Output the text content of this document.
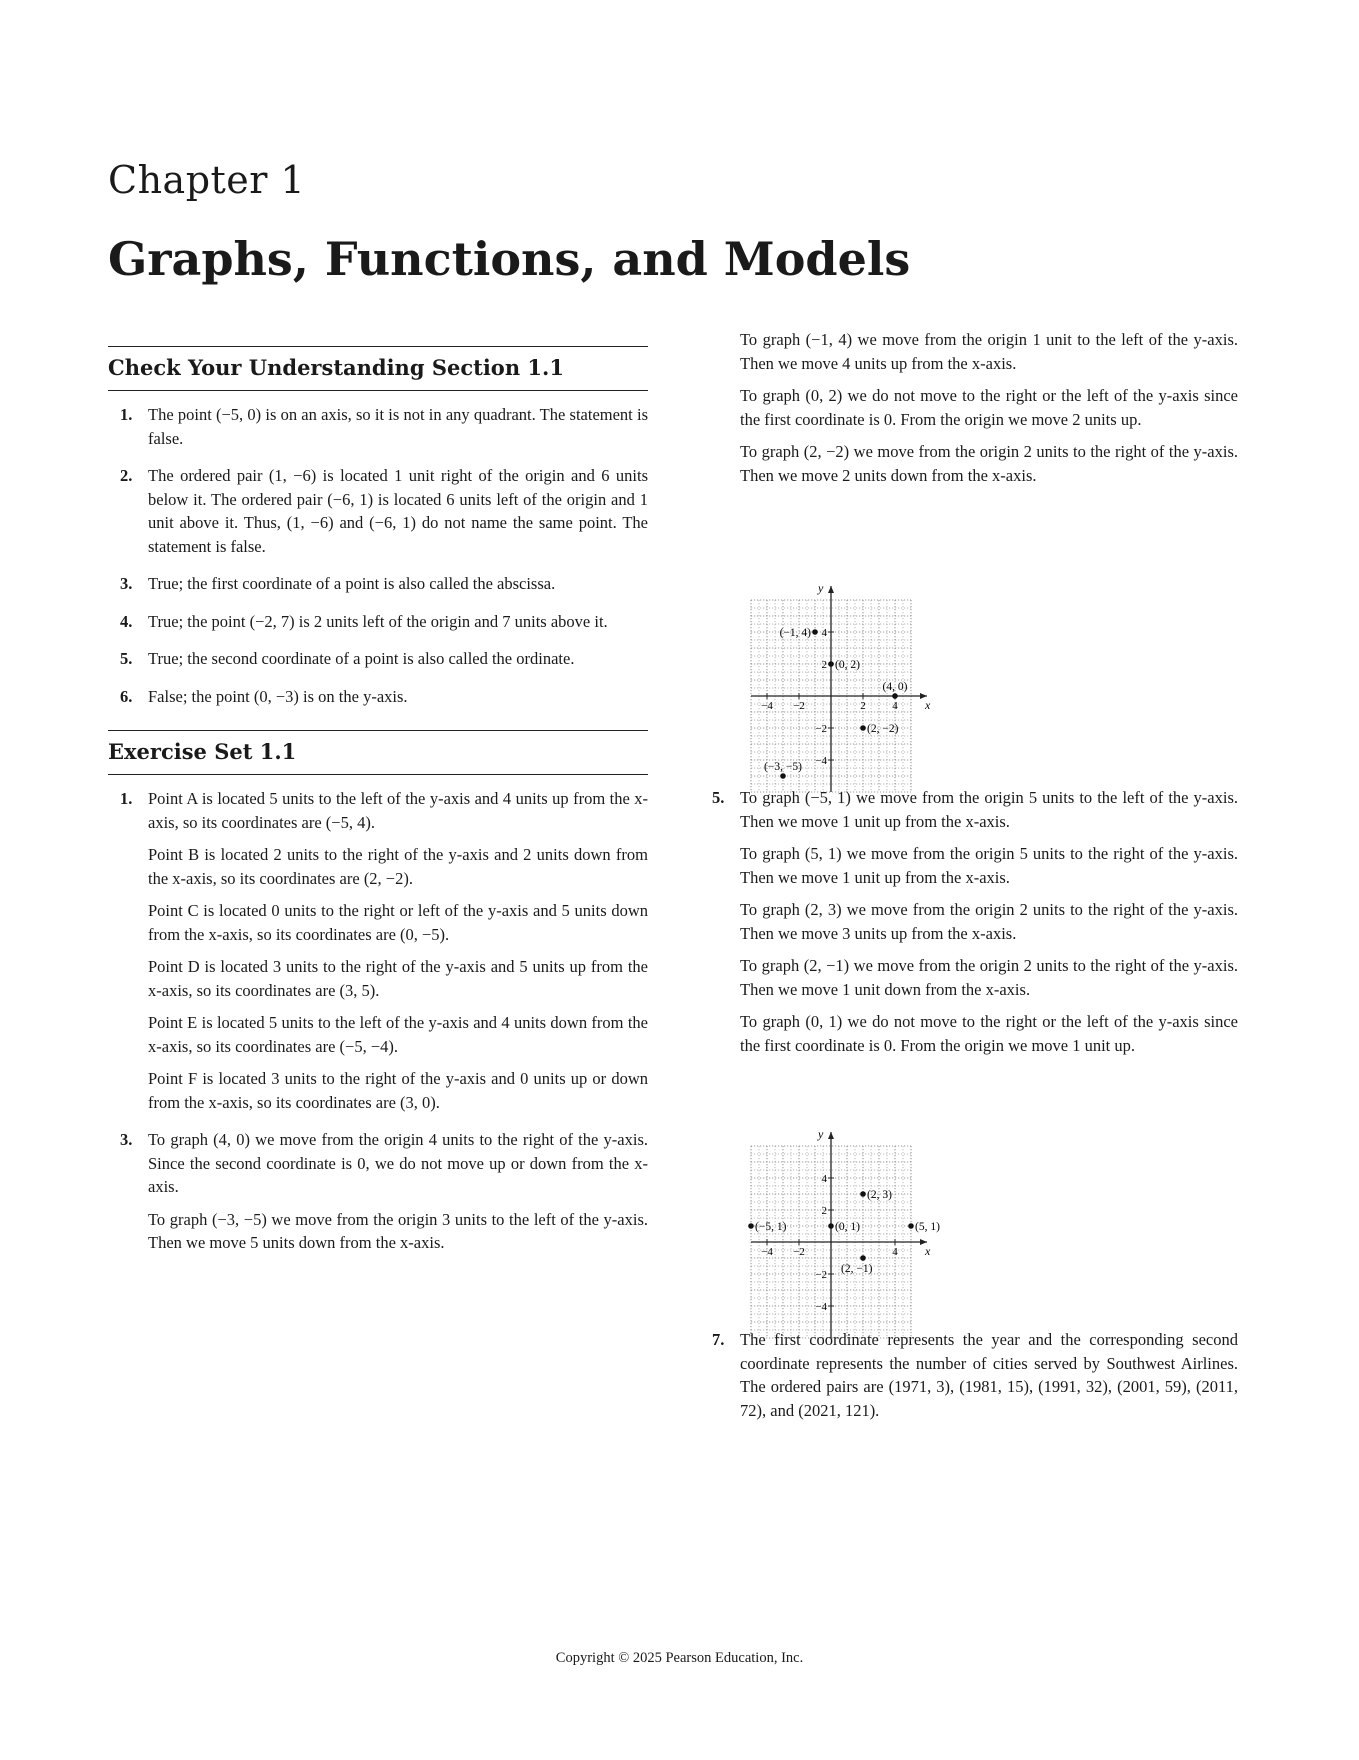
Chapter 1
Graphs, Functions, and Models
Check Your Understanding Section 1.1
1. The point (−5, 0) is on an axis, so it is not in any quadrant. The statement is false.
2. The ordered pair (1, −6) is located 1 unit right of the origin and 6 units below it. The ordered pair (−6, 1) is located 6 units left of the origin and 1 unit above it. Thus, (1, −6) and (−6, 1) do not name the same point. The statement is false.
3. True; the first coordinate of a point is also called the abscissa.
4. True; the point (−2, 7) is 2 units left of the origin and 7 units above it.
5. True; the second coordinate of a point is also called the ordinate.
6. False; the point (0, −3) is on the y-axis.
Exercise Set 1.1
1. Point A is located 5 units to the left of the y-axis and 4 units up from the x-axis, so its coordinates are (−5, 4).
Point B is located 2 units to the right of the y-axis and 2 units down from the x-axis, so its coordinates are (2, −2).
Point C is located 0 units to the right or left of the y-axis and 5 units down from the x-axis, so its coordinates are (0, −5).
Point D is located 3 units to the right of the y-axis and 5 units up from the x-axis, so its coordinates are (3, 5).
Point E is located 5 units to the left of the y-axis and 4 units down from the x-axis, so its coordinates are (−5, −4).
Point F is located 3 units to the right of the y-axis and 0 units up or down from the x-axis, so its coordinates are (3, 0).
3. To graph (4, 0) we move from the origin 4 units to the right of the y-axis. Since the second coordinate is 0, we do not move up or down from the x-axis.
To graph (−3, −5) we move from the origin 3 units to the left of the y-axis. Then we move 5 units down from the x-axis.
To graph (−1, 4) we move from the origin 1 unit to the left of the y-axis. Then we move 4 units up from the x-axis.
To graph (0, 2) we do not move to the right or the left of the y-axis since the first coordinate is 0. From the origin we move 2 units up.
To graph (2, −2) we move from the origin 2 units to the right of the y-axis. Then we move 2 units down from the x-axis.
x
y
−4 −2	2 4
4
2
−2
−4
(−1, 4)
(0, 2)
(4, 0)
(2, −2)
(−3, −5)
5. To graph (−5, 1) we move from the origin 5 units to the left of the y-axis. Then we move 1 unit up from the x-axis.
To graph (5, 1) we move from the origin 5 units to the right of the y-axis. Then we move 1 unit up from the x-axis.
To graph (2, 3) we move from the origin 2 units to the right of the y-axis. Then we move 3 units up from the x-axis.
To graph (2, −1) we move from the origin 2 units to the right of the y-axis. Then we move 1 unit down from the x-axis.
To graph (0, 1) we do not move to the right or the left of the y-axis since the first coordinate is 0. From the origin we move 1 unit up.
x
y
−4 −2	4
4
2
−2
−4
(2, 3)
(−5, 1)	(0, 1)	(5, 1)
(2, −1)
7. The first coordinate represents the year and the corresponding second coordinate represents the number of cities served by Southwest Airlines. The ordered pairs are (1971, 3), (1981, 15), (1991, 32), (2001, 59), (2011, 72), and (2021, 121).
Copyright © 2025 Pearson Education, Inc.
